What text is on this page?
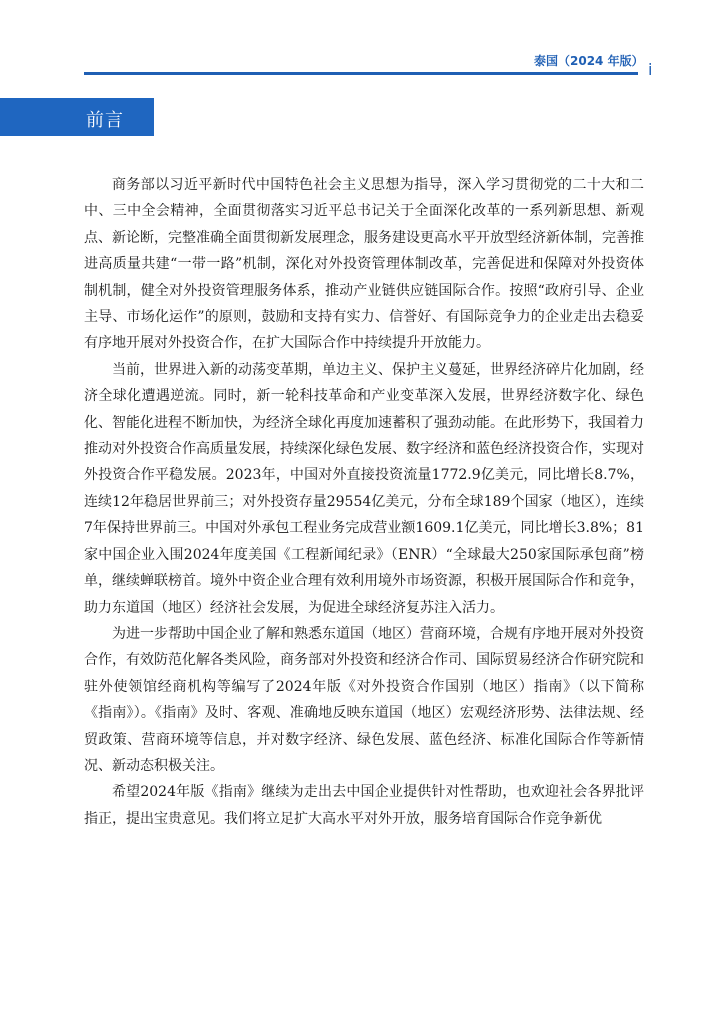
泰国（2024 年版） i
前言

商务部以习近平新时代中国特色社会主义思想为指导，深入学习贯彻党的二十大和二中、三中全会精神，全面贯彻落实习近平总书记关于全面深化改革的一系列新思想、新观点、新论断，完整准确全面贯彻新发展理念，服务建设更高水平开放型经济新体制，完善推进高质量共建“一带一路”机制，深化对外投资管理体制改革，完善促进和保障对外投资体制机制，健全对外投资管理服务体系，推动产业链供应链国际合作。按照“政府引导、企业主导、市场化运作”的原则，鼓励和支持有实力、信誉好、有国际竞争力的企业走出去稳妥有序地开展对外投资合作，在扩大国际合作中持续提升开放能力。

当前，世界进入新的动荡变革期，单边主义、保护主义蔓延，世界经济碎片化加剧，经济全球化遭遇逆流。同时，新一轮科技革命和产业变革深入发展，世界经济数字化、绿色化、智能化进程不断加快，为经济全球化再度加速蓄积了强劲动能。在此形势下，我国着力推动对外投资合作高质量发展，持续深化绿色发展、数字经济和蓝色经济投资合作，实现对外投资合作平稳发展。2023年，中国对外直接投资流量1772.9亿美元，同比增长8.7%，连续12年稳居世界前三；对外投资存量29554亿美元，分布全球189个国家（地区），连续7年保持世界前三。中国对外承包工程业务完成营业额1609.1亿美元，同比增长3.8%；81家中国企业入围2024年度美国《工程新闻纪录》（ENR）“全球最大250家国际承包商”榜单，继续蝉联榜首。境外中资企业合理有效利用境外市场资源，积极开展国际合作和竞争，助力东道国（地区）经济社会发展，为促进全球经济复苏注入活力。

为进一步帮助中国企业了解和熟悉东道国（地区）营商环境，合规有序地开展对外投资合作，有效防范化解各类风险，商务部对外投资和经济合作司、国际贸易经济合作研究院和驻外使领馆经商机构等编写了2024年版《对外投资合作国别（地区）指南》（以下简称《指南》）。《指南》及时、客观、准确地反映东道国（地区）宏观经济形势、法律法规、经贸政策、营商环境等信息，并对数字经济、绿色发展、蓝色经济、标准化国际合作等新情况、新动态积极关注。

希望2024年版《指南》继续为走出去中国企业提供针对性帮助，也欢迎社会各界批评指正，提出宝贵意见。我们将立足扩大高水平对外开放，服务培育国际合作竞争新优
